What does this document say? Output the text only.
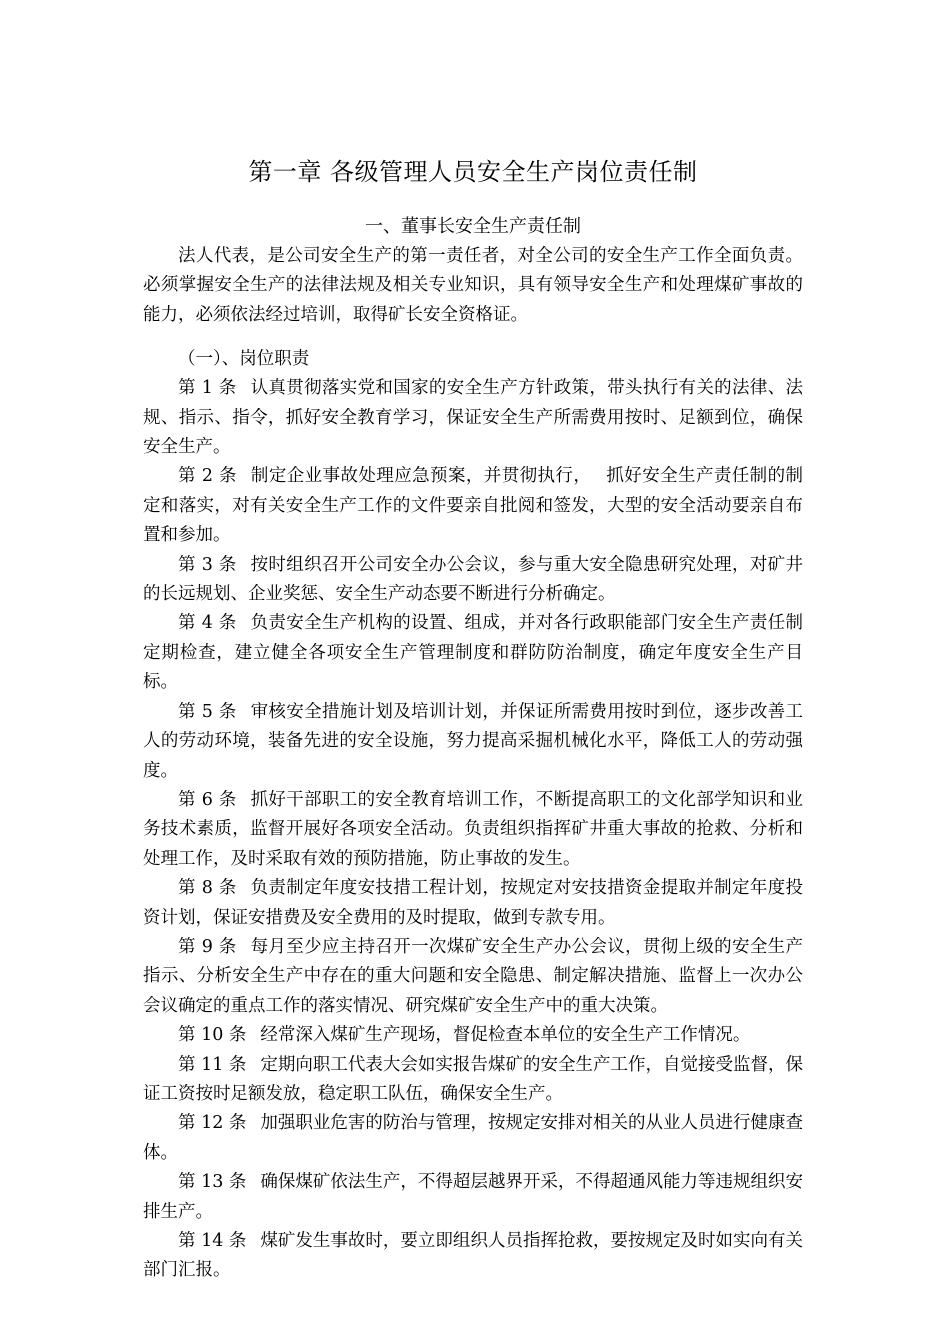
第一章 各级管理人员安全生产岗位责任制
一、董事长安全生产责任制

法人代表，是公司安全生产的第一责任者，对全公司的安全生产工作全面负责。必须掌握安全生产的法律法规及相关专业知识，具有领导安全生产和处理煤矿事故的能力，必须依法经过培训，取得矿长安全资格证。

（一）、岗位职责

第 1 条 认真贯彻落实党和国家的安全生产方针政策，带头执行有关的法律、法规、指示、指令，抓好安全教育学习，保证安全生产所需费用按时、足额到位，确保安全生产。

第 2 条 制定企业事故处理应急预案，并贯彻执行，　 抓好安全生产责任制的制定和落实，对有关安全生产工作的文件要亲自批阅和签发，大型的安全活动要亲自布置和参加。

第 3 条 按时组织召开公司安全办公会议，参与重大安全隐患研究处理，对矿井的长远规划、企业奖惩、安全生产动态要不断进行分析确定。

第 4 条 负责安全生产机构的设置、组成，并对各行政职能部门安全生产责任制定期检查，建立健全各项安全生产管理制度和群防防治制度，确定年度安全生产目标。

第 5 条 审核安全措施计划及培训计划，并保证所需费用按时到位，逐步改善工人的劳动环境，装备先进的安全设施，努力提高采掘机械化水平，降低工人的劳动强度。

第 6 条 抓好干部职工的安全教育培训工作，不断提高职工的文化部学知识和业务技术素质，监督开展好各项安全活动。负责组织指挥矿井重大事故的抢救、分析和处理工作，及时采取有效的预防措施，防止事故的发生。

第 8 条 负责制定年度安技措工程计划，按规定对安技措资金提取并制定年度投资计划，保证安措费及安全费用的及时提取，做到专款专用。

第 9 条 每月至少应主持召开一次煤矿安全生产办公会议，贯彻上级的安全生产指示、分析安全生产中存在的重大问题和安全隐患、制定解决措施、监督上一次办公会议确定的重点工作的落实情况、研究煤矿安全生产中的重大决策。

第 10 条 经常深入煤矿生产现场，督促检查本单位的安全生产工作情况。

第 11 条 定期向职工代表大会如实报告煤矿的安全生产工作，自觉接受监督，保证工资按时足额发放，稳定职工队伍，确保安全生产。

第 12 条 加强职业危害的防治与管理，按规定安排对相关的从业人员进行健康查体。

第 13 条 确保煤矿依法生产，不得超层越界开采，不得超通风能力等违规组织安排生产。

第 14 条 煤矿发生事故时，要立即组织人员指挥抢救，要按规定及时如实向有关部门汇报。
